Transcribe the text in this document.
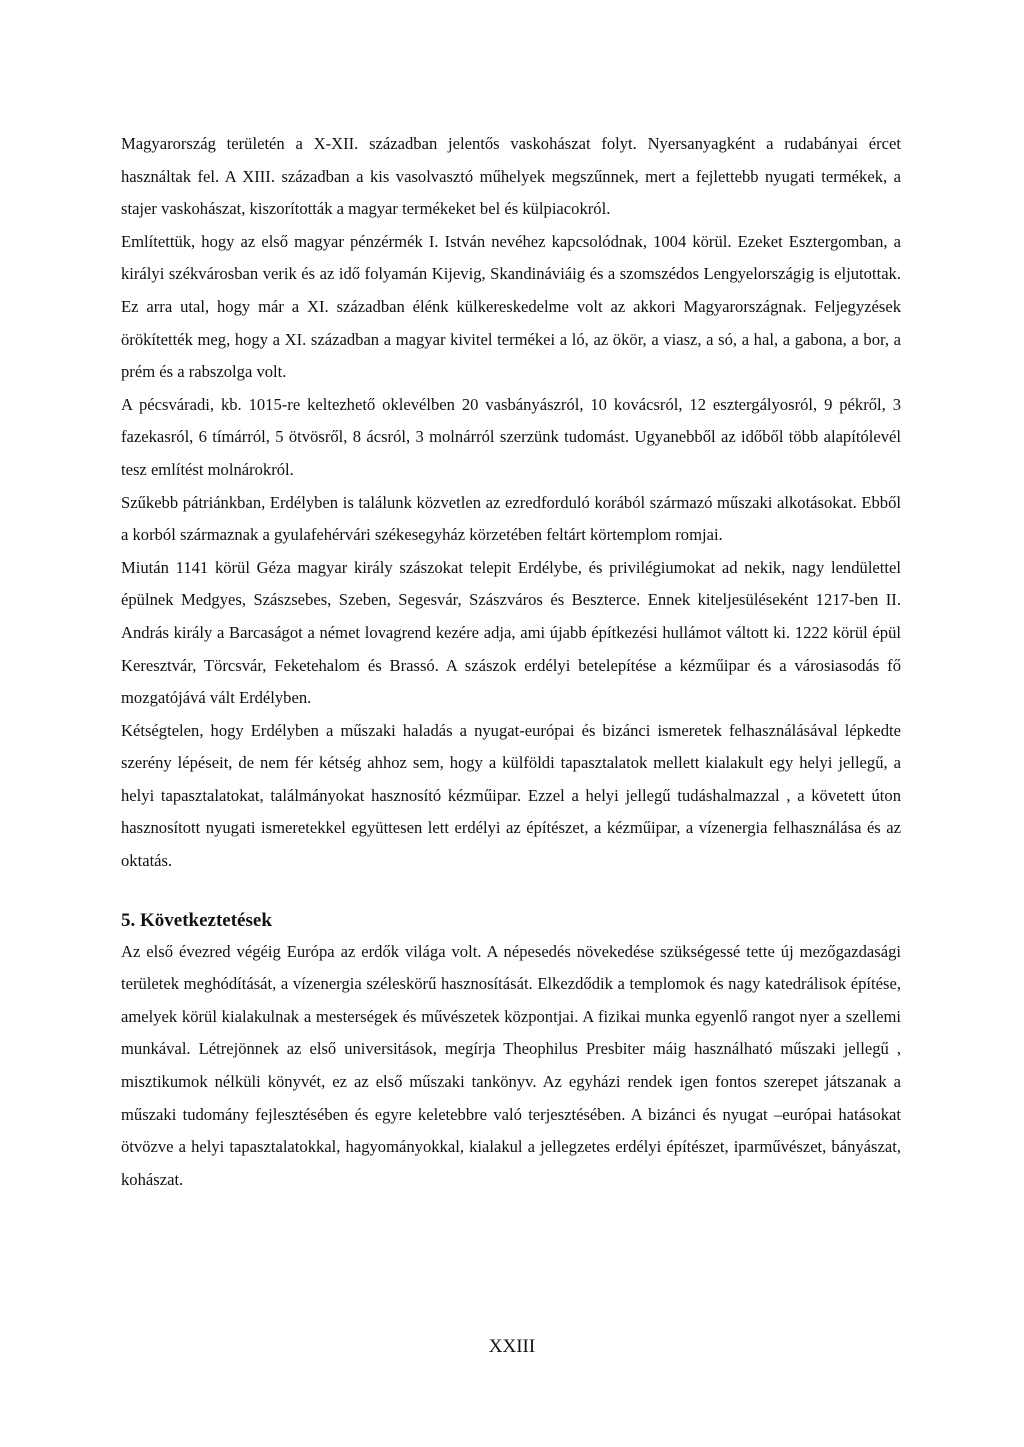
Magyarország területén a X-XII. században jelentős vaskohászat folyt. Nyersanyagként a rudabányai ércet használtak fel. A XIII. században a kis vasolvasztó műhelyek megszűnnek, mert a fejlettebb nyugati termékek, a stajer vaskohászat, kiszorították a magyar termékeket bel és külpiacokról.

Említettük, hogy az első magyar pénzérmék I. István nevéhez kapcsolódnak, 1004 körül. Ezeket Esztergomban, a királyi székvárosban verik és az idő folyamán Kijevig, Skandináviáig és a szomszédos Lengyelországig is eljutottak. Ez arra utal, hogy már a XI. században élénk külkereskedelme volt az akkori Magyarországnak. Feljegyzések örökítették meg, hogy a XI. században a magyar kivitel termékei a ló, az ökör, a viasz, a só, a hal, a gabona, a bor, a prém és a rabszolga volt.

A pécsváradi, kb. 1015-re keltezhető oklevélben 20 vasbányászról, 10 kovácsról, 12 esztergályosról, 9 pékről, 3 fazekasról, 6 tímárról, 5 ötvösről, 8 ácsról, 3 molnárról szerzünk tudomást. Ugyanebből az időből több alapítólevél tesz említést molnárokról.

Szűkebb pátriánkban, Erdélyben is találunk közvetlen az ezredforduló korából származó műszaki alkotásokat. Ebből a korból származnak a gyulafehérvári székesegyház körzetében feltárt körtemplom romjai.

Miután 1141 körül Géza magyar király szászokat telepit Erdélybe, és privilégiumokat ad nekik, nagy lendülettel épülnek Medgyes, Szászsebes, Szeben, Segesvár, Szászváros és Beszterce. Ennek kiteljesüléseként 1217-ben II. András király a Barcaságot a német lovagrend kezére adja, ami újabb építkezési hullámot váltott ki. 1222 körül épül Keresztvár, Törcsvár, Feketehalom és Brassó. A szászok erdélyi betelepítése a kézműipar és a városiasodás fő mozgatójává vált Erdélyben.

Kétségtelen, hogy Erdélyben a műszaki haladás a nyugat-európai és bizánci ismeretek felhasználásával lépkedte szerény lépéseit, de nem fér kétség ahhoz sem, hogy a külföldi tapasztalatok mellett kialakult egy helyi jellegű, a helyi tapasztalatokat, találmányokat hasznosító kézműipar. Ezzel a helyi jellegű tudáshalmazzal , a követett úton hasznosított nyugati ismeretekkel együttesen lett erdélyi az építészet, a kézműipar, a vízenergia felhasználása és az oktatás.

5. Következtetések

Az első évezred végéig Európa az erdők világa volt. A népesedés növekedése szükségessé tette új mezőgazdasági területek meghódítását, a vízenergia széleskörű hasznosítását. Elkezdődik a templomok és nagy katedrálisok építése, amelyek körül kialakulnak a mesterségek és művészetek központjai. A fizikai munka egyenlő rangot nyer a szellemi munkával. Létrejönnek az első universitások, megírja Theophilus Presbiter máig használható műszaki jellegű , misztikumok nélküli könyvét, ez az első műszaki tankönyv. Az egyházi rendek igen fontos szerepet játszanak a műszaki tudomány fejlesztésében és egyre keletebbre való terjesztésében. A bizánci és nyugat –európai hatásokat ötvözve a helyi tapasztalatokkal, hagyományokkal, kialakul a jellegzetes erdélyi építészet, iparművészet, bányászat, kohászat.

XXIII
